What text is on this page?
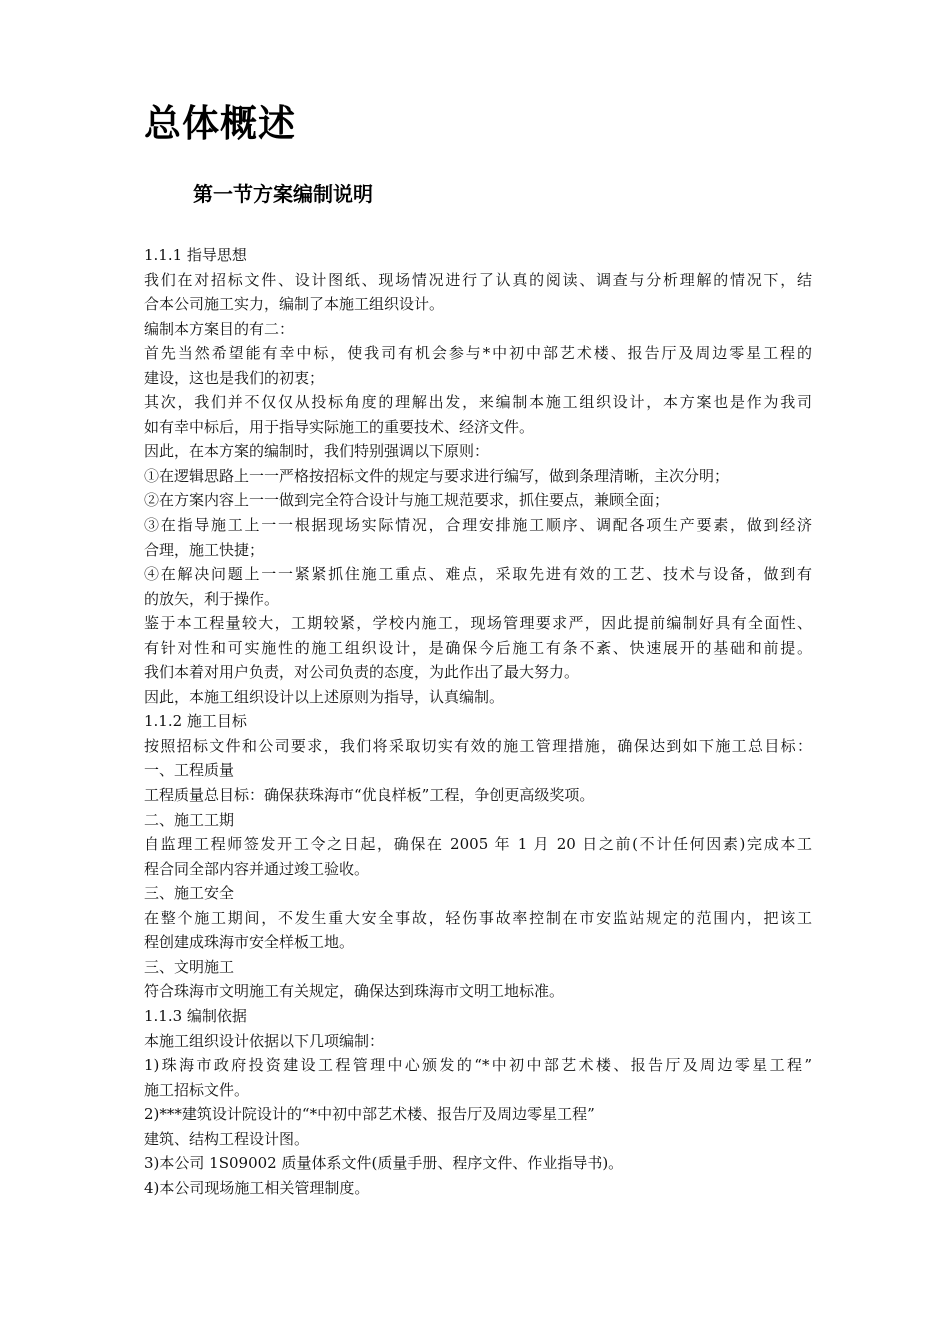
总体概述
第一节方案编制说明
1.1.1 指导思想
我们在对招标文件、设计图纸、现场情况进行了认真的阅读、调查与分析理解的情况下，结
合本公司施工实力，编制了本施工组织设计。
编制本方案目的有二：
首先当然希望能有幸中标，使我司有机会参与*中初中部艺术楼、报告厅及周边零星工程的
建设，这也是我们的初衷；
其次，我们并不仅仅从投标角度的理解出发，来编制本施工组织设计，本方案也是作为我司
如有幸中标后，用于指导实际施工的重要技术、经济文件。
因此，在本方案的编制时，我们特别强调以下原则：
①在逻辑思路上一一严格按招标文件的规定与要求进行编写，做到条理清晰，主次分明；
②在方案内容上一一做到完全符合设计与施工规范要求，抓住要点，兼顾全面；
③在指导施工上一一根据现场实际情况，合理安排施工顺序、调配各项生产要素，做到经济
合理，施工快捷；
④在解决问题上一一紧紧抓住施工重点、难点，采取先进有效的工艺、技术与设备，做到有
的放矢，利于操作。
鉴于本工程量较大，工期较紧，学校内施工，现场管理要求严，因此提前编制好具有全面性、
有针对性和可实施性的施工组织设计，是确保今后施工有条不紊、快速展开的基础和前提。
我们本着对用户负责，对公司负责的态度，为此作出了最大努力。
因此，本施工组织设计以上述原则为指导，认真编制。
1.1.2 施工目标
按照招标文件和公司要求，我们将采取切实有效的施工管理措施，确保达到如下施工总目标：
一、工程质量
工程质量总目标：确保获珠海市“优良样板”工程，争创更高级奖项。
二、施工工期
自监理工程师签发开工令之日起，确保在 2005 年 1 月 20 日之前(不计任何因素)完成本工
程合同全部内容并通过竣工验收。
三、施工安全
在整个施工期间，不发生重大安全事故，轻伤事故率控制在市安监站规定的范围内，把该工
程创建成珠海市安全样板工地。
三、文明施工
符合珠海市文明施工有关规定，确保达到珠海市文明工地标准。
1.1.3 编制依据
本施工组织设计依据以下几项编制：
1)珠海市政府投资建设工程管理中心颁发的“*中初中部艺术楼、报告厅及周边零星工程”
施工招标文件。
2)***建筑设计院设计的“*中初中部艺术楼、报告厅及周边零星工程”
建筑、结构工程设计图。
3)本公司 1S09002 质量体系文件(质量手册、程序文件、作业指导书)。
4)本公司现场施工相关管理制度。
